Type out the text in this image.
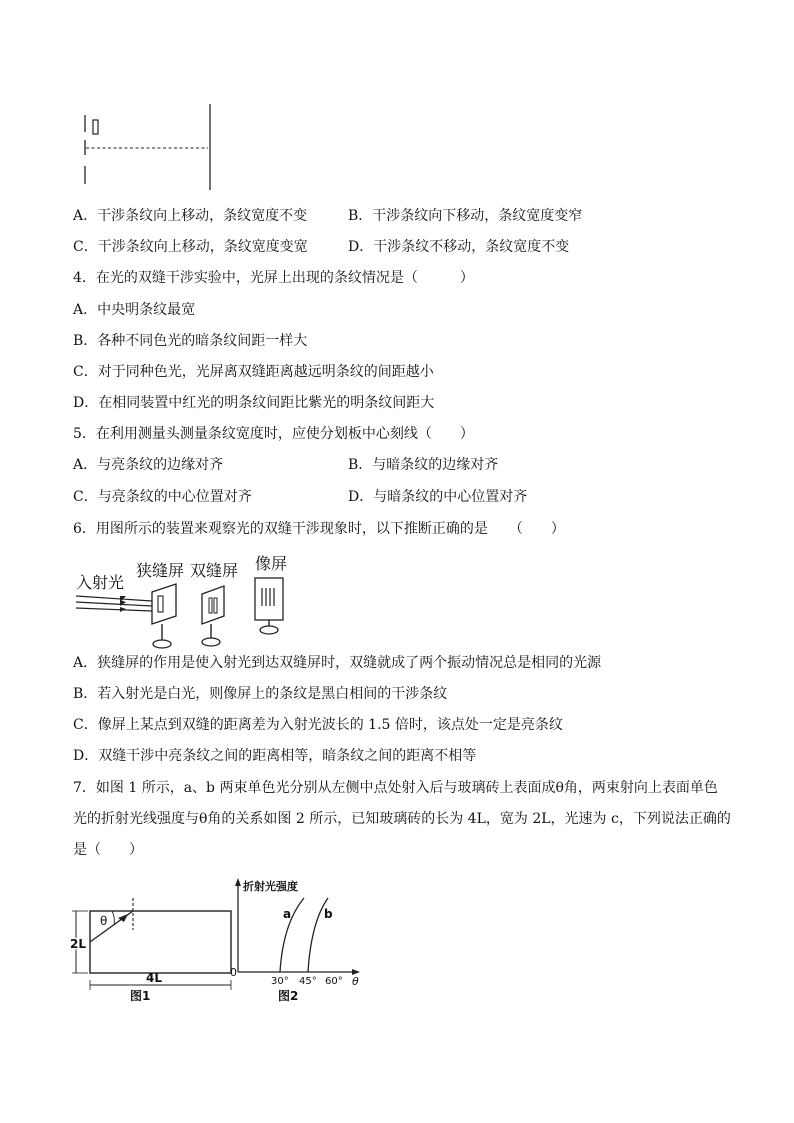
A．干涉条纹向上移动，条纹宽度不变	B．干涉条纹向下移动，条纹宽度变窄
C．干涉条纹向上移动，条纹宽度变宽	D．干涉条纹不移动，条纹宽度不变
4．在光的双缝干涉实验中，光屏上出现的条纹情况是（　　　）
A．中央明条纹最宽
B．各种不同色光的暗条纹间距一样大
C．对于同种色光，光屏离双缝距离越远明条纹的间距越小
D．在相同装置中红光的明条纹间距比紫光的明条纹间距大
5．在利用测量头测量条纹宽度时，应使分划板中心刻线（　　）
A．与亮条纹的边缘对齐	B．与暗条纹的边缘对齐
C．与亮条纹的中心位置对齐	D．与暗条纹的中心位置对齐
6．用图所示的装置来观察光的双缝干涉现象时，以下推断正确的是　　（　　）
入射光
狭缝屏 双缝屏 像屏
A．狭缝屏的作用是使入射光到达双缝屏时，双缝就成了两个振动情况总是相同的光源
B．若入射光是白光，则像屏上的条纹是黑白相间的干涉条纹
C．像屏上某点到双缝的距离差为入射光波长的 1.5 倍时，该点处一定是亮条纹
D．双缝干涉中亮条纹之间的距离相等，暗条纹之间的距离不相等
7．如图 1 所示，a、b 两束单色光分别从左侧中点处射入后与玻璃砖上表面成θ角，两束射向上表面单色
光的折射光线强度与θ角的关系如图 2 所示，已知玻璃砖的长为 4L，宽为 2L，光速为 c，下列说法正确的
是（　　）
θ
2L
4L
图1
折射光强度
0
θ
a	b
30° 45° 60°
图2
